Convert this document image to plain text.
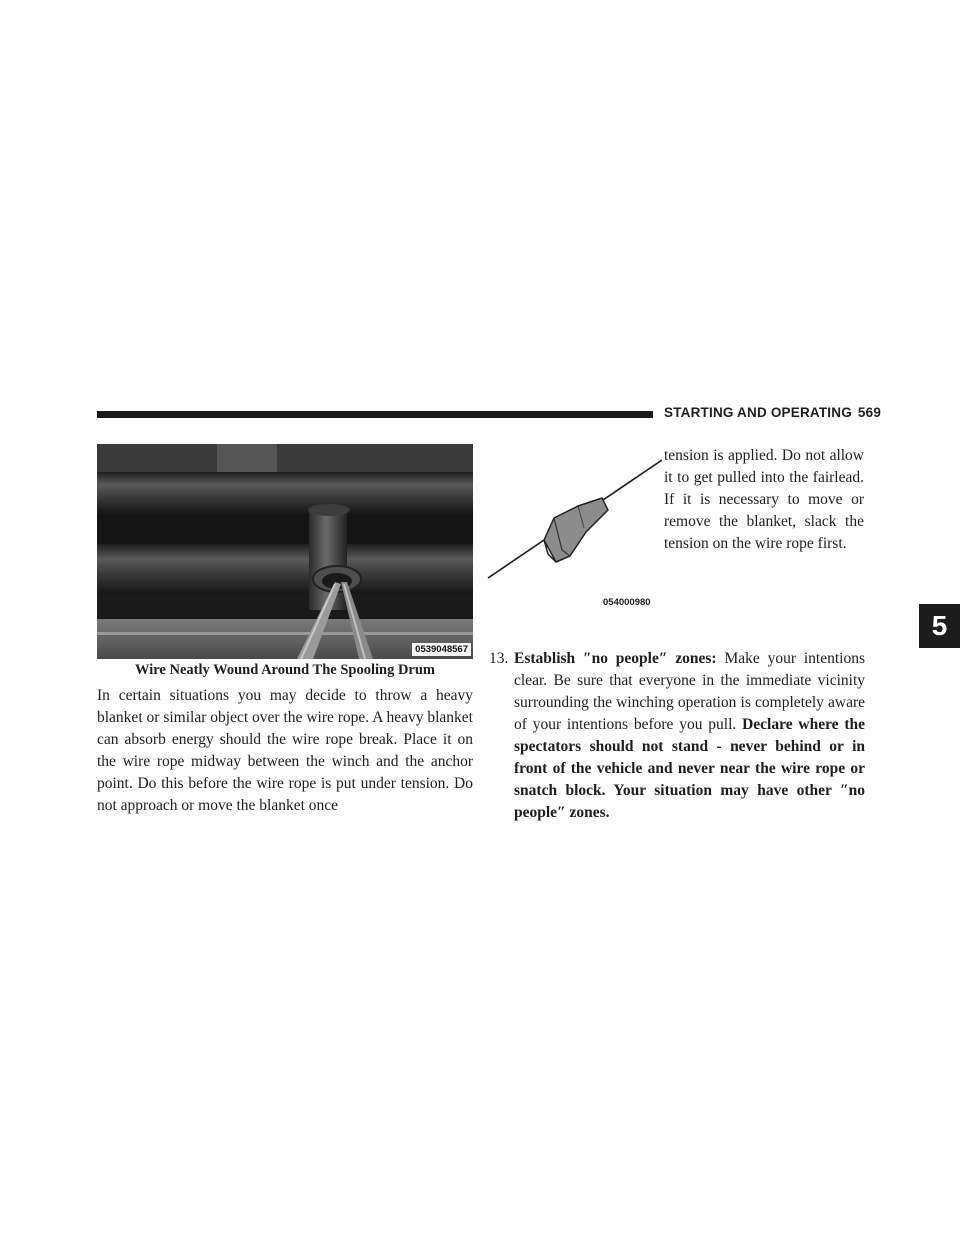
STARTING AND OPERATING 569
5
0539048567
Wire Neatly Wound Around The Spooling Drum

In certain situations you may decide to throw a heavy blanket or similar object over the wire rope. A heavy blanket can absorb energy should the wire rope break. Place it on the wire rope midway between the winch and the anchor point. Do this before the wire rope is put under tension. Do not approach or move the blanket once

054000980

tension is applied. Do not allow it to get pulled into the fairlead. If it is necessary to move or remove the blanket, slack the tension on the wire rope first.

13. Establish ″no people″ zones: Make your intentions clear. Be sure that everyone in the immediate vicinity surrounding the winching operation is completely aware of your intentions before you pull. Declare where the spectators should not stand - never behind or in front of the vehicle and never near the wire rope or snatch block. Your situation may have other ″no people″ zones.
